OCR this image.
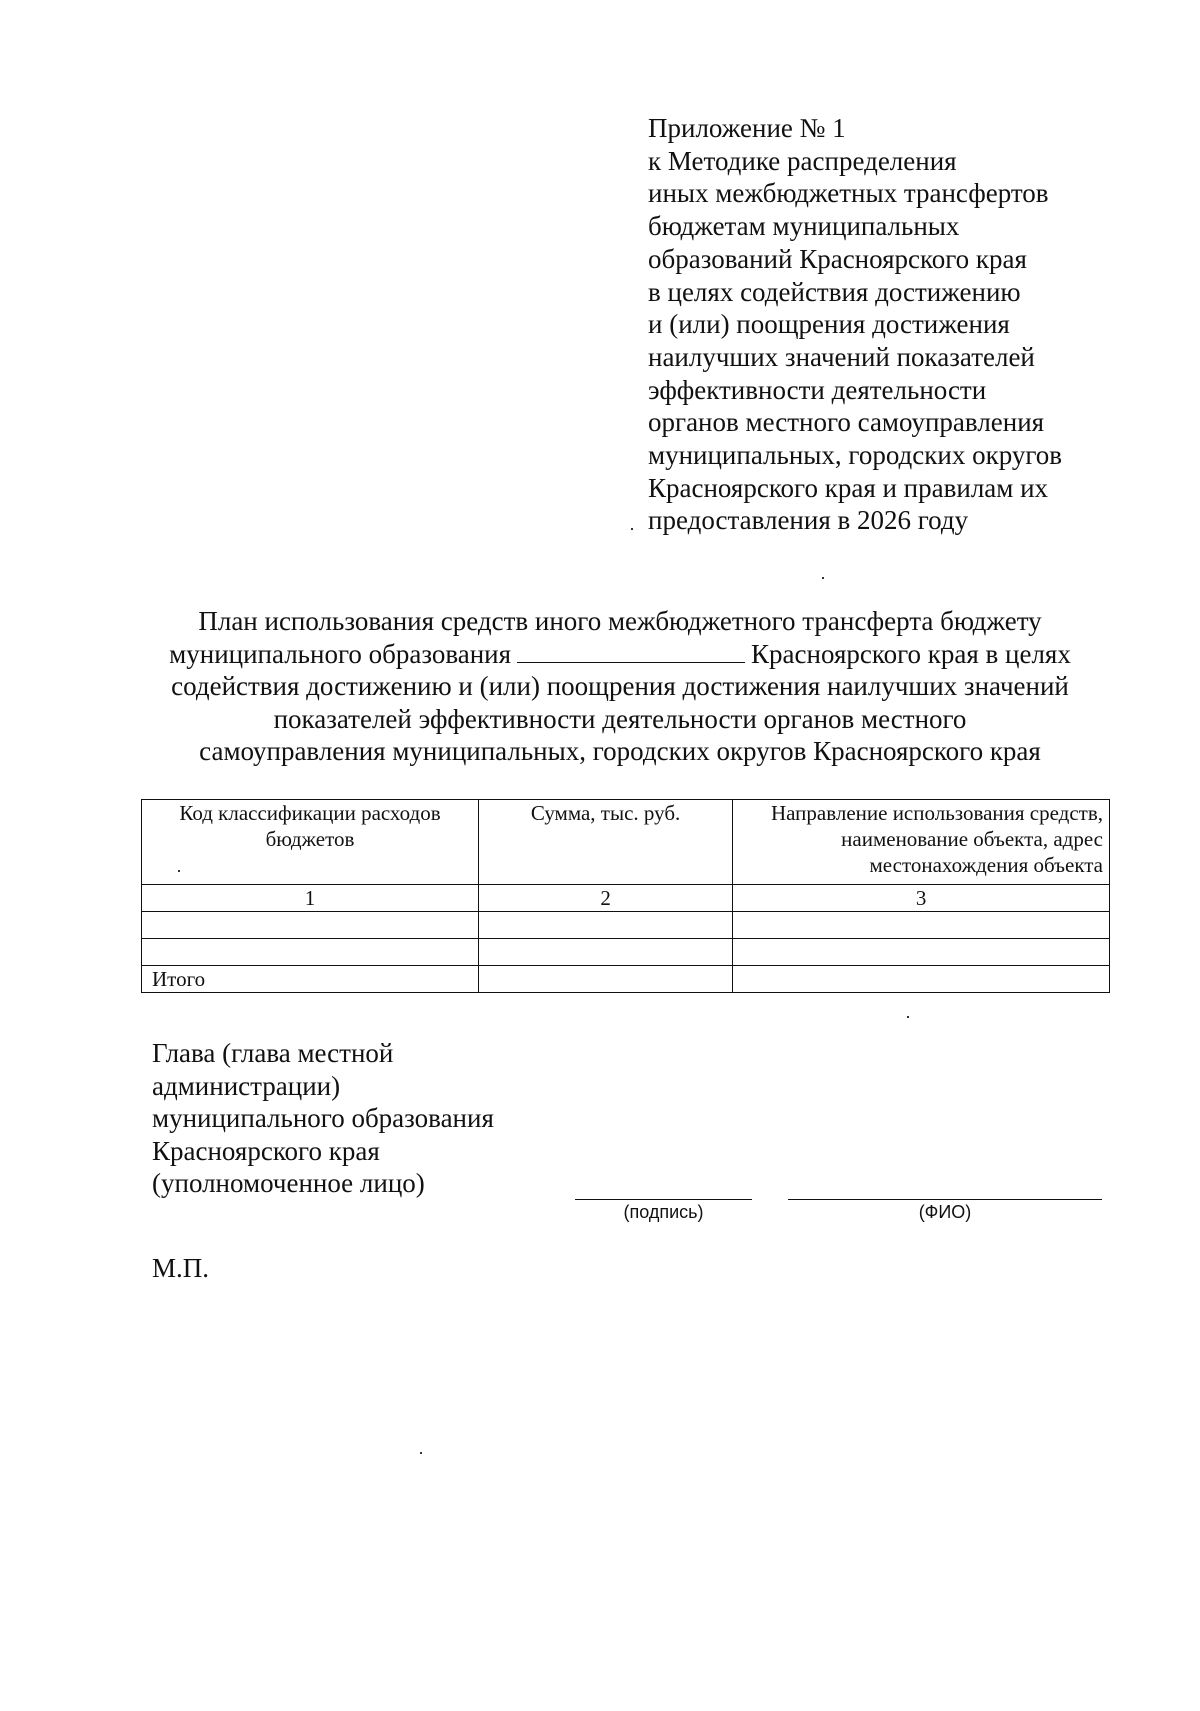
Приложение № 1
к Методике распределения
иных межбюджетных трансфертов
бюджетам муниципальных
образований Красноярского края
в целях содействия достижению
и (или) поощрения достижения
наилучших значений показателей
эффективности деятельности
органов местного самоуправления
муниципальных, городских округов
Красноярского края и правилам их
предоставления в 2026 году
План использования средств иного межбюджетного трансферта бюджету
муниципального образования	Красноярского края в целях
содействия достижению и (или) поощрения достижения наилучших значений
показателей эффективности деятельности органов местного
самоуправления муниципальных, городских округов Красноярского края
Код классификации расходов бюджетов	Сумма, тыс. руб.	Направление использования средств, наименование объекта, адрес местонахождения объекта
1	2	3

Итого		
Глава (глава местной
администрации)
муниципального образования
Красноярского края
(уполномоченное лицо)
(подпись)	(ФИО)
М.П.
